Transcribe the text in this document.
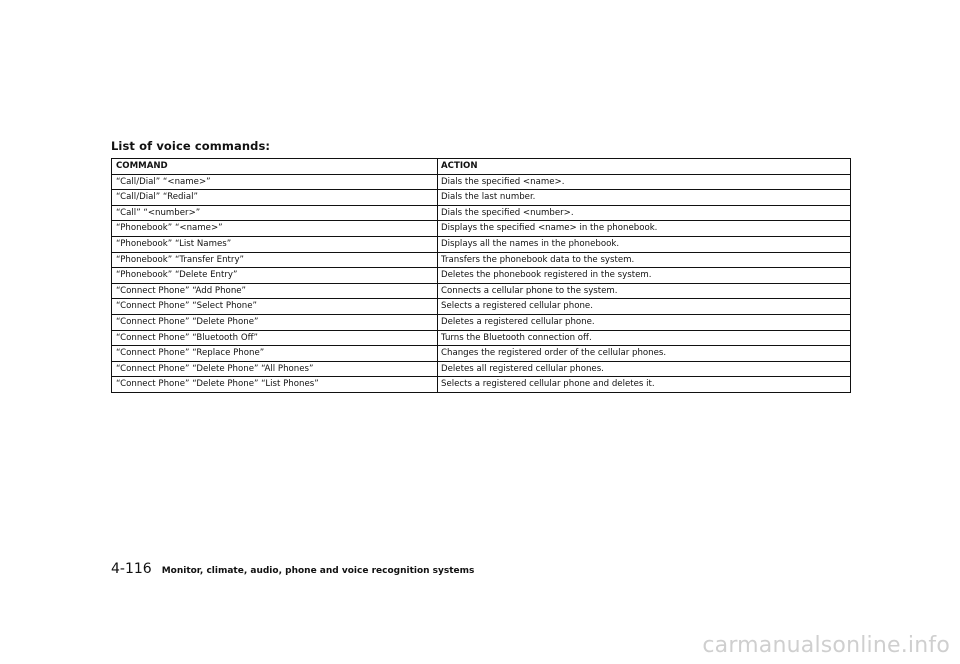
List of voice commands:
COMMAND	ACTION
“Call/Dial” “<name>”	Dials the specified <name>.
“Call/Dial” “Redial”	Dials the last number.
“Call” “<number>”	Dials the specified <number>.
“Phonebook” “<name>”	Displays the specified <name> in the phonebook.
“Phonebook” “List Names”	Displays all the names in the phonebook.
“Phonebook” “Transfer Entry”	Transfers the phonebook data to the system.
“Phonebook” “Delete Entry”	Deletes the phonebook registered in the system.
“Connect Phone” “Add Phone”	Connects a cellular phone to the system.
“Connect Phone” “Select Phone”	Selects a registered cellular phone.
“Connect Phone” “Delete Phone”	Deletes a registered cellular phone.
“Connect Phone” “Bluetooth Off”	Turns the Bluetooth connection off.
“Connect Phone” “Replace Phone”	Changes the registered order of the cellular phones.
“Connect Phone” “Delete Phone” “All Phones”	Deletes all registered cellular phones.
“Connect Phone” “Delete Phone” “List Phones”	Selects a registered cellular phone and deletes it.
4-116 Monitor, climate, audio, phone and voice recognition systems
carmanualsonline.info
